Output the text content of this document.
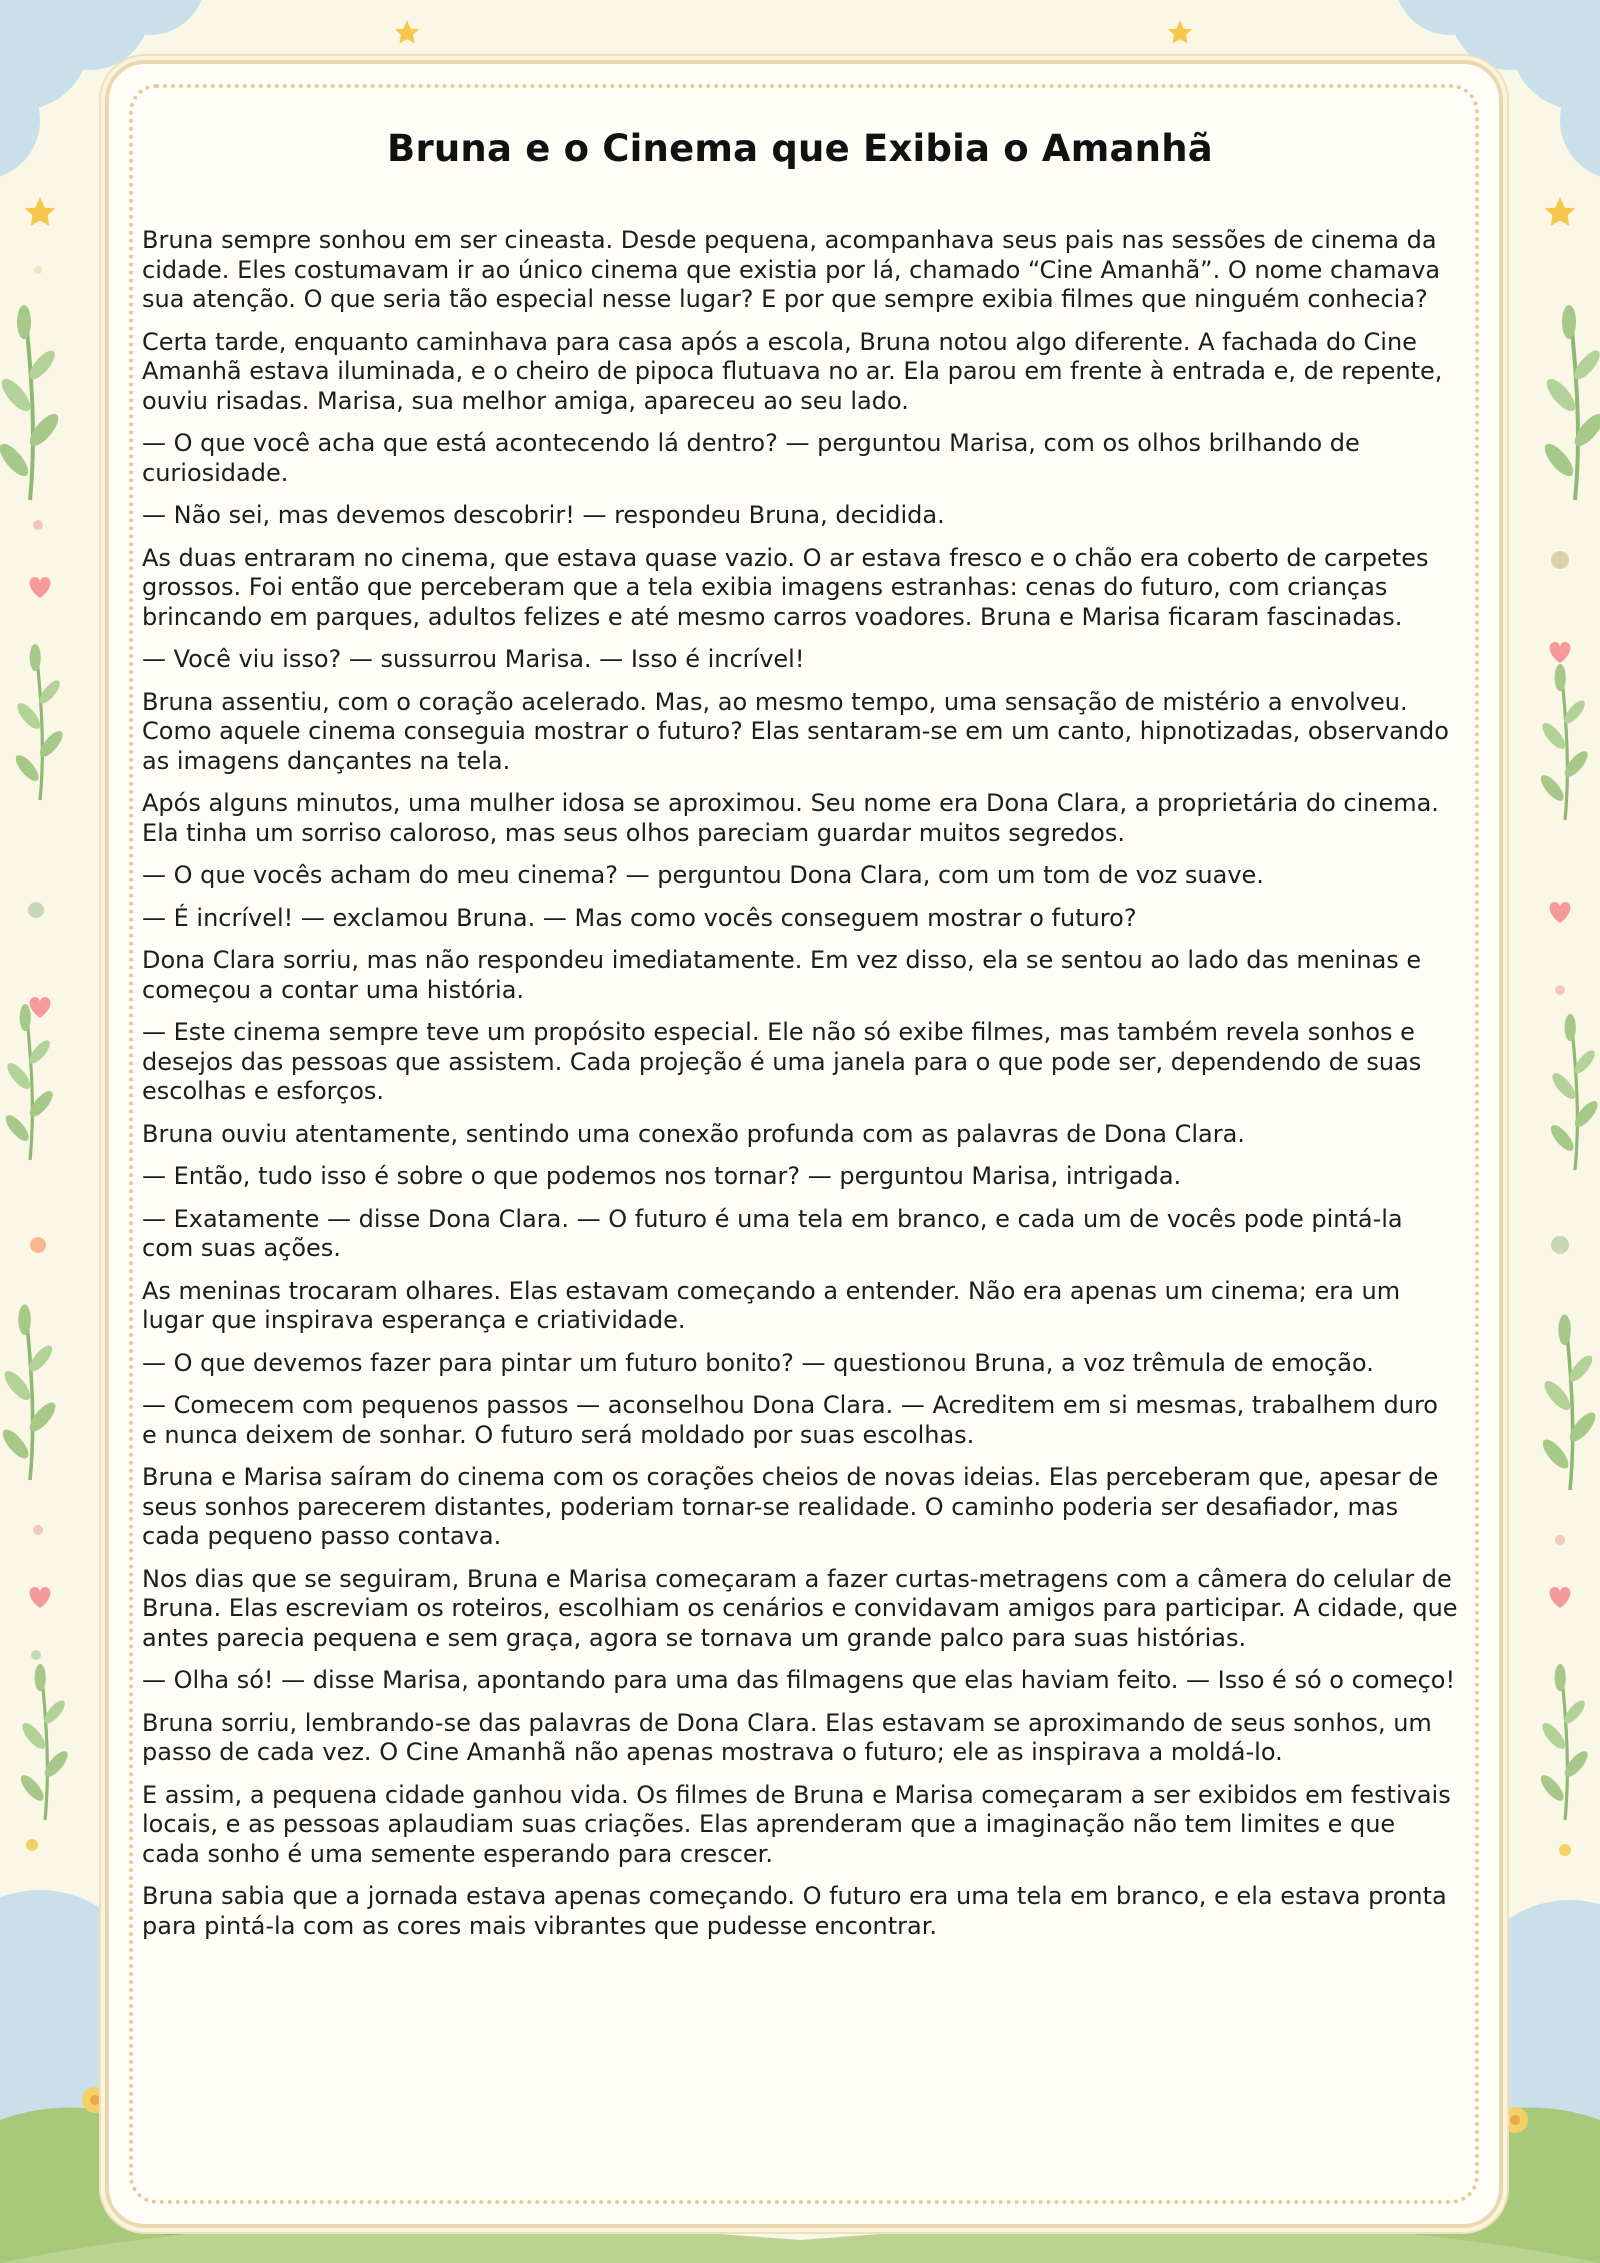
Bruna e o Cinema que Exibia o Amanhã

Bruna sempre sonhou em ser cineasta. Desde pequena, acompanhava seus pais nas sessões de cinema da cidade. Eles costumavam ir ao único cinema que existia por lá, chamado “Cine Amanhã”. O nome chamava sua atenção. O que seria tão especial nesse lugar? E por que sempre exibia filmes que ninguém conhecia?

Certa tarde, enquanto caminhava para casa após a escola, Bruna notou algo diferente. A fachada do Cine Amanhã estava iluminada, e o cheiro de pipoca flutuava no ar. Ela parou em frente à entrada e, de repente, ouviu risadas. Marisa, sua melhor amiga, apareceu ao seu lado.

— O que você acha que está acontecendo lá dentro? — perguntou Marisa, com os olhos brilhando de curiosidade.

— Não sei, mas devemos descobrir! — respondeu Bruna, decidida.

As duas entraram no cinema, que estava quase vazio. O ar estava fresco e o chão era coberto de carpetes grossos. Foi então que perceberam que a tela exibia imagens estranhas: cenas do futuro, com crianças brincando em parques, adultos felizes e até mesmo carros voadores. Bruna e Marisa ficaram fascinadas.

— Você viu isso? — sussurrou Marisa. — Isso é incrível!

Bruna assentiu, com o coração acelerado. Mas, ao mesmo tempo, uma sensação de mistério a envolveu. Como aquele cinema conseguia mostrar o futuro? Elas sentaram-se em um canto, hipnotizadas, observando as imagens dançantes na tela.

Após alguns minutos, uma mulher idosa se aproximou. Seu nome era Dona Clara, a proprietária do cinema. Ela tinha um sorriso caloroso, mas seus olhos pareciam guardar muitos segredos.

— O que vocês acham do meu cinema? — perguntou Dona Clara, com um tom de voz suave.

— É incrível! — exclamou Bruna. — Mas como vocês conseguem mostrar o futuro?

Dona Clara sorriu, mas não respondeu imediatamente. Em vez disso, ela se sentou ao lado das meninas e começou a contar uma história.

— Este cinema sempre teve um propósito especial. Ele não só exibe filmes, mas também revela sonhos e desejos das pessoas que assistem. Cada projeção é uma janela para o que pode ser, dependendo de suas escolhas e esforços.

Bruna ouviu atentamente, sentindo uma conexão profunda com as palavras de Dona Clara.

— Então, tudo isso é sobre o que podemos nos tornar? — perguntou Marisa, intrigada.

— Exatamente — disse Dona Clara. — O futuro é uma tela em branco, e cada um de vocês pode pintá-la com suas ações.

As meninas trocaram olhares. Elas estavam começando a entender. Não era apenas um cinema; era um lugar que inspirava esperança e criatividade.

— O que devemos fazer para pintar um futuro bonito? — questionou Bruna, a voz trêmula de emoção.

— Comecem com pequenos passos — aconselhou Dona Clara. — Acreditem em si mesmas, trabalhem duro e nunca deixem de sonhar. O futuro será moldado por suas escolhas.

Bruna e Marisa saíram do cinema com os corações cheios de novas ideias. Elas perceberam que, apesar de seus sonhos parecerem distantes, poderiam tornar-se realidade. O caminho poderia ser desafiador, mas cada pequeno passo contava.

Nos dias que se seguiram, Bruna e Marisa começaram a fazer curtas-metragens com a câmera do celular de Bruna. Elas escreviam os roteiros, escolhiam os cenários e convidavam amigos para participar. A cidade, que antes parecia pequena e sem graça, agora se tornava um grande palco para suas histórias.

— Olha só! — disse Marisa, apontando para uma das filmagens que elas haviam feito. — Isso é só o começo!

Bruna sorriu, lembrando-se das palavras de Dona Clara. Elas estavam se aproximando de seus sonhos, um passo de cada vez. O Cine Amanhã não apenas mostrava o futuro; ele as inspirava a moldá-lo.

E assim, a pequena cidade ganhou vida. Os filmes de Bruna e Marisa começaram a ser exibidos em festivais locais, e as pessoas aplaudiam suas criações. Elas aprenderam que a imaginação não tem limites e que cada sonho é uma semente esperando para crescer.

Bruna sabia que a jornada estava apenas começando. O futuro era uma tela em branco, e ela estava pronta para pintá-la com as cores mais vibrantes que pudesse encontrar.
